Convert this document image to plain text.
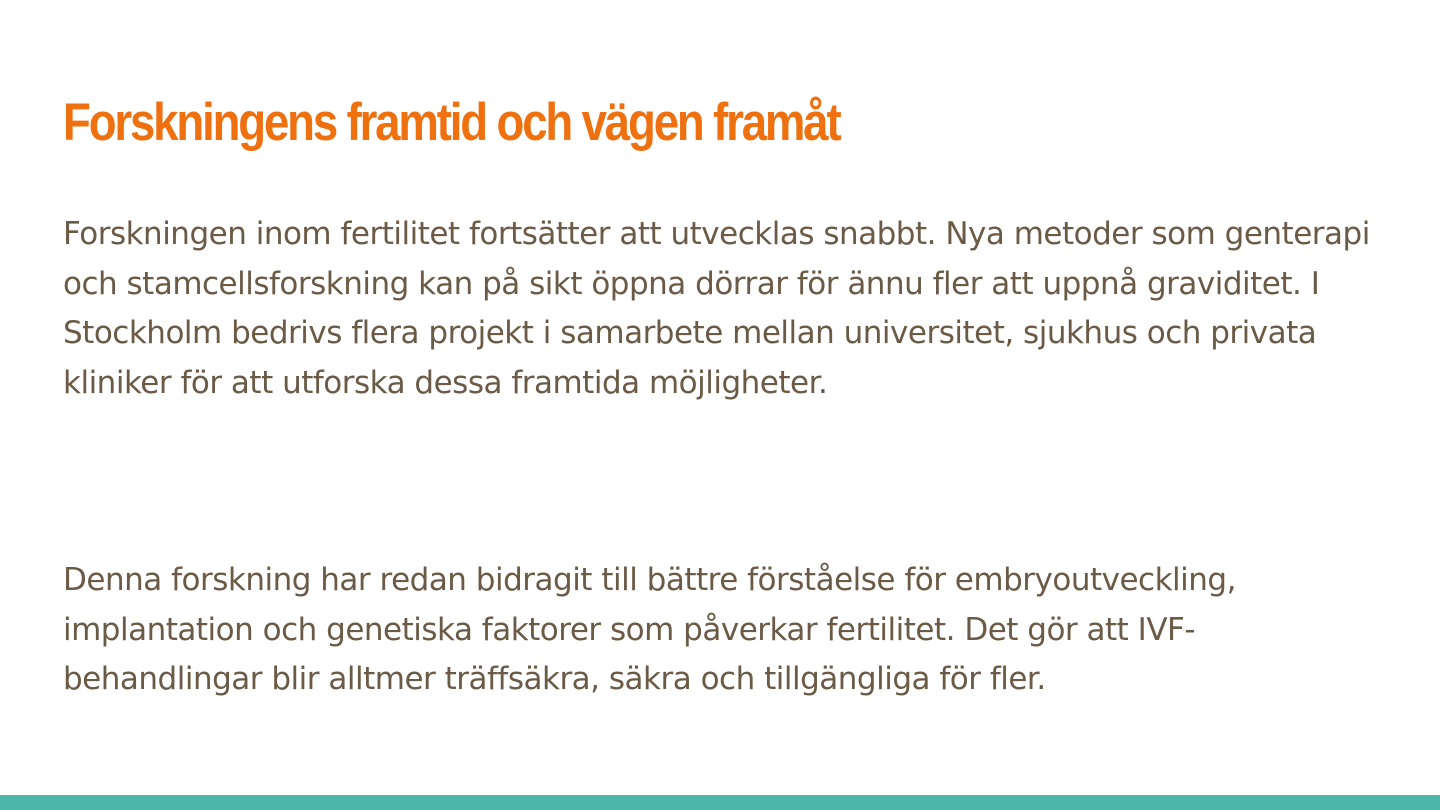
Forskningens framtid och vägen framåt

Forskningen inom fertilitet fortsätter att utvecklas snabbt. Nya metoder som genterapi och stamcellsforskning kan på sikt öppna dörrar för ännu fler att uppnå graviditet. I Stockholm bedrivs flera projekt i samarbete mellan universitet, sjukhus och privata kliniker för att utforska dessa framtida möjligheter.

Denna forskning har redan bidragit till bättre förståelse för embryoutveckling, implantation och genetiska faktorer som påverkar fertilitet. Det gör att IVF-behandlingar blir alltmer träffsäkra, säkra och tillgängliga för fler.
